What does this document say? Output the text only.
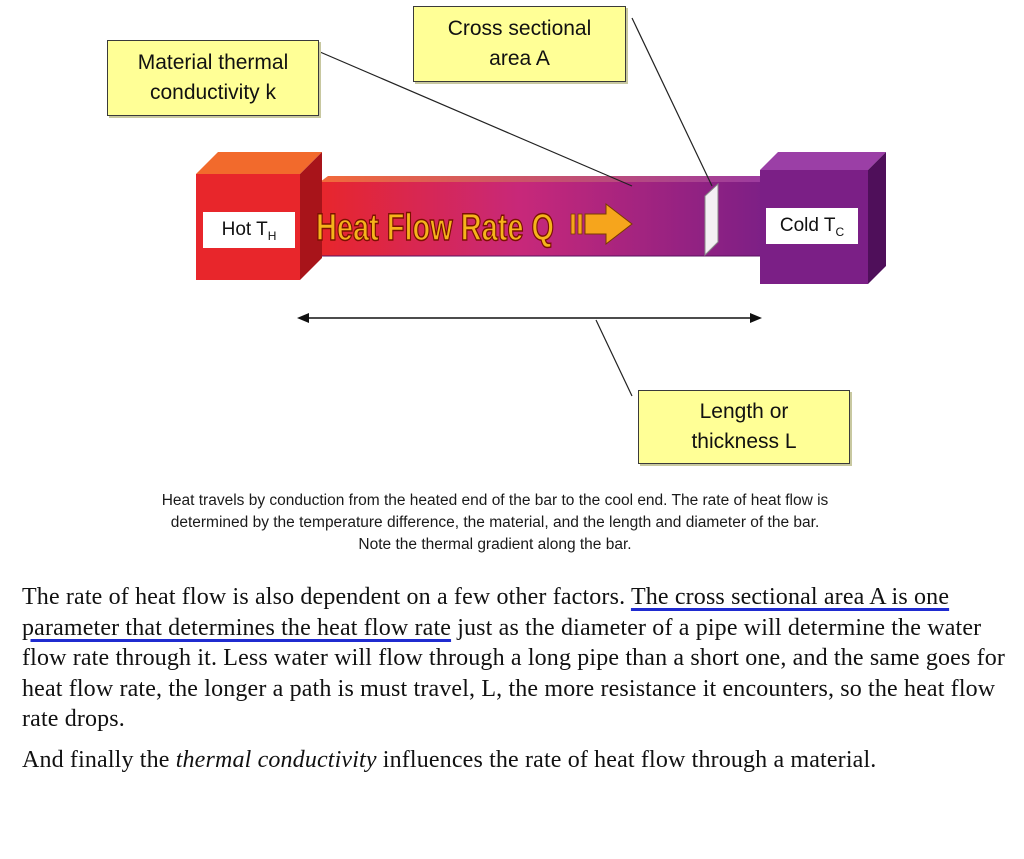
Heat Flow Rate Q
Hot $T_H$	Cold $T_C$
Material thermal
conductivity k
Cross sectional
area A
Length or
thickness L
Heat travels by conduction from the heated end of the bar to the cool end. The rate of heat flow is
determined by the temperature difference, the material, and the length and diameter of the bar.
Note the thermal gradient along the bar.

The rate of heat flow is also dependent on a few other factors. The cross sectional area A is one parameter that determines the heat flow rate just as the diameter of a pipe will determine the water flow rate through it. Less water will flow through a long pipe than a short one, and the same goes for heat flow rate, the longer a path is must travel, L, the more resistance it encounters, so the heat flow rate drops.

And finally the thermal conductivity influences the rate of heat flow through a material.
